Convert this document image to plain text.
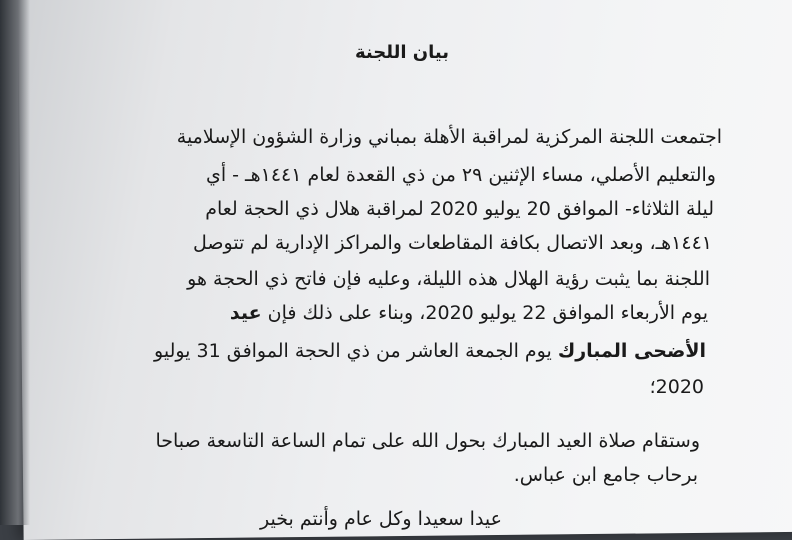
بيان اللجنة
اجتمعت اللجنة المركزية لمراقبة الأهلة بمباني وزارة الشؤون الإسلامية
والتعليم الأصلي، مساء الإثنين ٢٩ من ذي القعدة لعام ١٤٤١هـ - أي
ليلة الثلاثاء- الموافق 20 يوليو 2020 لمراقبة هلال ذي الحجة لعام
١٤٤١هـ، وبعد الاتصال بكافة المقاطعات والمراكز الإدارية لم تتوصل
اللجنة بما يثبت رؤية الهلال هذه الليلة، وعليه فإن فاتح ذي الحجة هو
يوم الأربعاء الموافق 22 يوليو 2020، وبناء على ذلك فإن عيد
الأضحى المبارك يوم الجمعة العاشر من ذي الحجة الموافق 31 يوليو
2020؛
وستقام صلاة العيد المبارك بحول الله على تمام الساعة التاسعة صباحا
برحاب جامع ابن عباس.
عيدا سعيدا وكل عام وأنتم بخير
